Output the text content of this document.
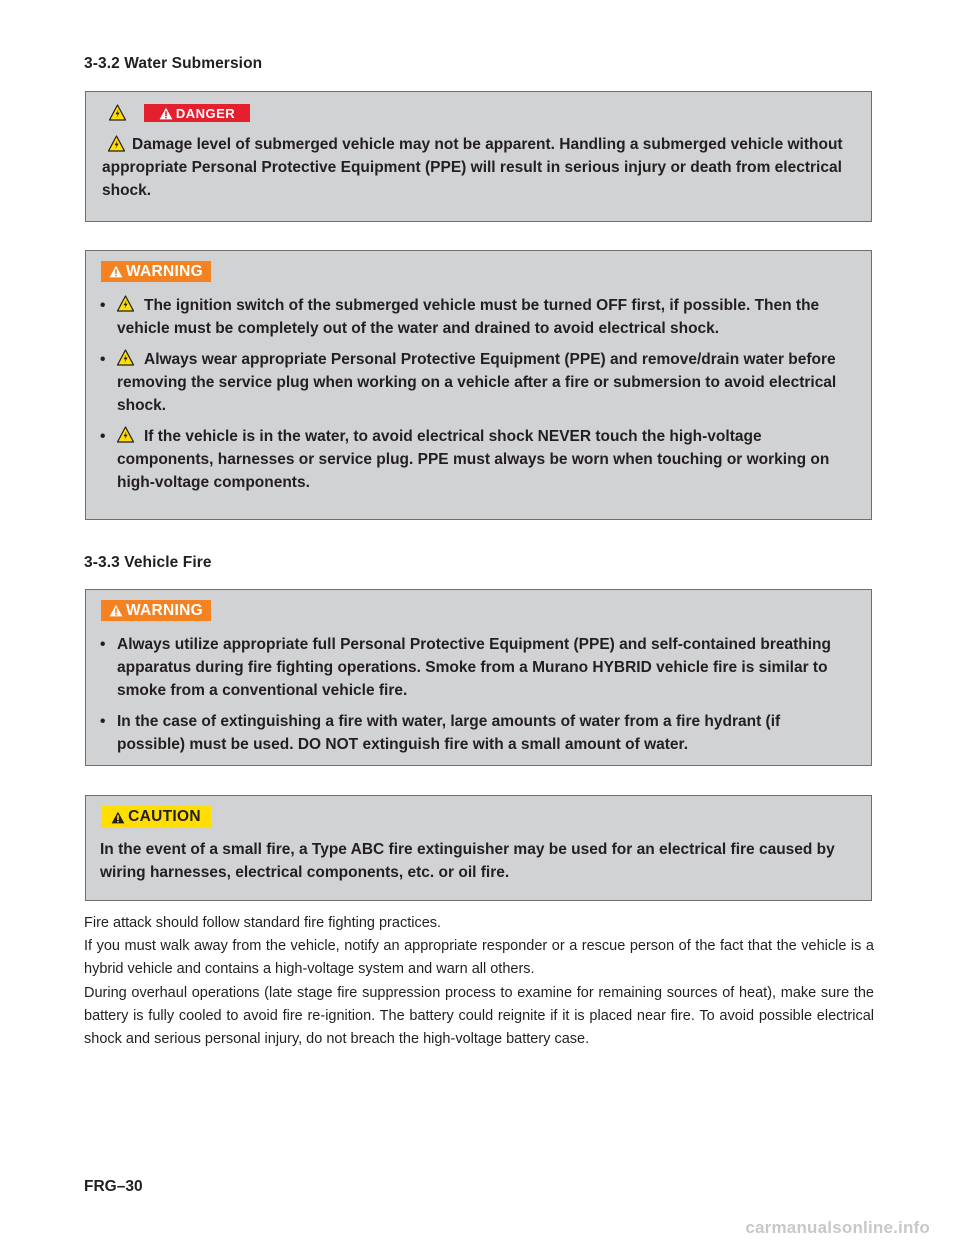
3-3.2 Water Submersion
DANGER

Damage level of submerged vehicle may not be apparent. Handling a submerged vehicle without appropriate Personal Protective Equipment (PPE) will result in serious injury or death from electrical shock.

WARNING
• The ignition switch of the submerged vehicle must be turned OFF first, if possible. Then the vehicle must be completely out of the water and drained to avoid electrical shock.
• Always wear appropriate Personal Protective Equipment (PPE) and remove/drain water before removing the service plug when working on a vehicle after a fire or submersion to avoid electrical shock.
• If the vehicle is in the water, to avoid electrical shock NEVER touch the high-voltage components, harnesses or service plug. PPE must always be worn when touching or working on high-voltage components.
3-3.3 Vehicle Fire
WARNING
• Always utilize appropriate full Personal Protective Equipment (PPE) and self-contained breathing apparatus during fire fighting operations. Smoke from a Murano HYBRID vehicle fire is similar to smoke from a conventional vehicle fire.
• In the case of extinguishing a fire with water, large amounts of water from a fire hydrant (if possible) must be used. DO NOT extinguish fire with a small amount of water.
CAUTION

In the event of a small fire, a Type ABC fire extinguisher may be used for an electrical fire caused by wiring harnesses, electrical components, etc. or oil fire.

Fire attack should follow standard fire fighting practices.
If you must walk away from the vehicle, notify an appropriate responder or a rescue person of the fact that the vehicle is a hybrid vehicle and contains a high-voltage system and warn all others.
During overhaul operations (late stage fire suppression process to examine for remaining sources of heat), make sure the battery is fully cooled to avoid fire re-ignition. The battery could reignite if it is placed near fire. To avoid possible electrical shock and serious personal injury, do not breach the high-voltage battery case.

FRG–30
carmanualsonline.info
